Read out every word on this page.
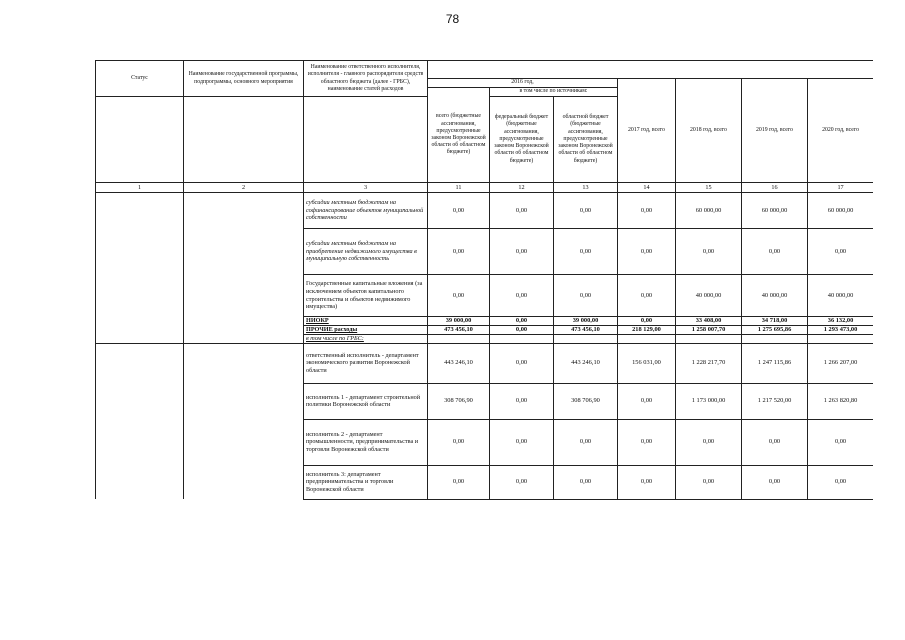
78
Статус	Наименование государственной программы, подпрограммы, основного мероприятия	Наименование ответственного исполнителя, исполнителя - главного распорядителя средств областного бюджета (далее - ГРБС), наименование статей расходов							

			2016 год,			2017 год, всего	2018 год, всего	2019 год, всего	2020 год, всего
			всего (бюджетные ассигнования, предусмотренные законом Воронежской области об областном бюджете)	в том числе по источникам:					
				федеральный бюджет (бюджетные ассигнования, предусмотренные законом Воронежской области об областном бюджете)	областной бюджет (бюджетные ассигнования, предусмотренные законом Воронежской области об областном бюджете)				
1	2	3	11	12	13	14	15	16	17
		субсидии местным бюджетам на софинансирование объектов муниципальной собственности	0,00	0,00	0,00	0,00	60 000,00	60 000,00	60 000,00
		субсидии местным бюджетам на приобретение недвижимого имущества в муниципальную собственность	0,00	0,00	0,00	0,00	0,00	0,00	0,00
		Государственные капитальные вложения (за исключением объектов капитального строительства и объектов недвижимого имущества)	0,00	0,00	0,00	0,00	40 000,00	40 000,00	40 000,00
		НИОКР	39 000,00	0,00	39 000,00	0,00	33 408,00	34 718,00	36 132,00
		ПРОЧИЕ расходы	473 456,10	0,00	473 456,10	218 129,00	1 258 007,70	1 275 695,86	1 293 473,00
		в том числе по ГРБС:							
		ответственный исполнитель - департамент экономического развития Воронежской области	443 246,10	0,00	443 246,10	156 031,00	1 228 217,70	1 247 115,86	1 266 207,00
		исполнитель 1 - департамент строительной политики Воронежской области	308 706,90	0,00	308 706,90	0,00	1 173 000,00	1 217 520,00	1 263 820,80
		исполнитель 2 - департамент промышленности, предпринимательства и торговли Воронежской области	0,00	0,00	0,00	0,00	0,00	0,00	0,00
		исполнитель 3: департамент предпринимательства и торговли Воронежской области	0,00	0,00	0,00	0,00	0,00	0,00	0,00
